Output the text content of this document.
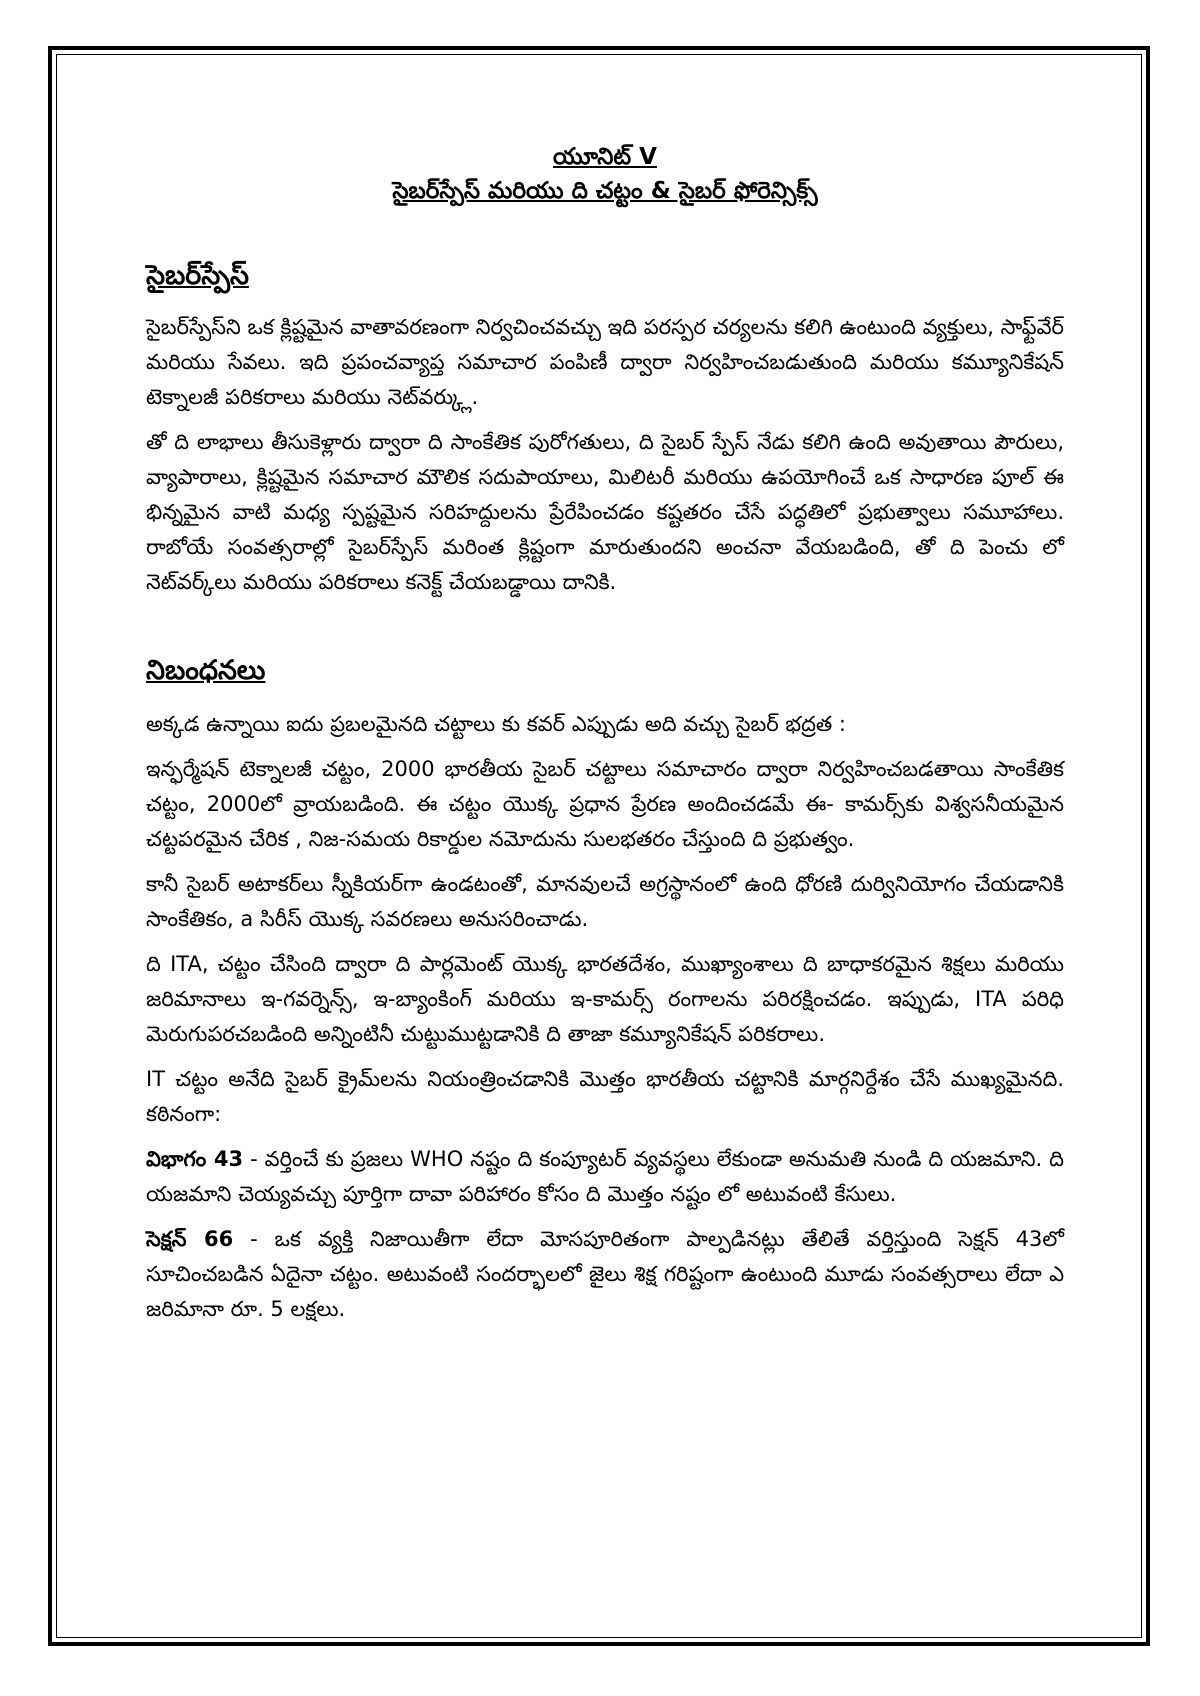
యూనిట్ V

సైబర్‌స్పేస్ మరియు ది చట్టం & సైబర్ ఫోరెన్సిక్స్

సైబర్‌స్పేస్

సైబర్‌స్పేస్‌ని ఒక క్లిష్టమైన వాతావరణంగా నిర్వచించవచ్చు ఇది పరస్పర చర్యలను కలిగి ఉంటుంది వ్యక్తులు, సాఫ్ట్‌వేర్ మరియు సేవలు. ఇది ప్రపంచవ్యాప్త సమాచార పంపిణీ ద్వారా నిర్వహించబడుతుంది మరియు కమ్యూనికేషన్ టెక్నాలజీ పరికరాలు మరియు నెట్‌వర్క్లు.

తో ది లాభాలు తీసుకెళ్లారు ద్వారా ది సాంకేతిక పురోగతులు, ది సైబర్ స్పేస్ నేడు కలిగి ఉంది అవుతాయి పౌరులు, వ్యాపారాలు, క్లిష్టమైన సమాచార మౌలిక సదుపాయాలు, మిలిటరీ మరియు ఉపయోగించే ఒక సాధారణ పూల్ ఈ భిన్నమైన వాటి మధ్య స్పష్టమైన సరిహద్దులను ప్రేరేపించడం కష్టతరం చేసే పద్ధతిలో ప్రభుత్వాలు సమూహాలు. రాబోయే సంవత్సరాల్లో సైబర్‌స్పేస్ మరింత క్లిష్టంగా మారుతుందని అంచనా వేయబడింది, తో ది పెంచు లో నెట్‌వర్క్‌లు మరియు పరికరాలు కనెక్ట్ చేయబడ్డాయి దానికి.

నిబంధనలు

అక్కడ ఉన్నాయి ఐదు ప్రబలమైనది చట్టాలు కు కవర్ ఎప్పుడు అది వచ్చు సైబర్ భద్రత :

ఇన్ఫర్మేషన్ టెక్నాలజీ చట్టం, 2000 భారతీయ సైబర్ చట్టాలు సమాచారం ద్వారా నిర్వహించబడతాయి సాంకేతిక చట్టం, 2000లో వ్రాయబడింది. ఈ చట్టం యొక్క ప్రధాన ప్రేరణ అందించడమే ఈ- కామర్స్‌కు విశ్వసనీయమైన చట్టపరమైన చేరిక , నిజ-సమయ రికార్డుల నమోదును సులభతరం చేస్తుంది ది ప్రభుత్వం.

కానీ సైబర్ అటాకర్‌లు స్నీకియర్‌గా ఉండటంతో, మానవులచే అగ్రస్థానంలో ఉంది ధోరణి దుర్వినియోగం చేయడానికి సాంకేతికం, a సిరీస్ యొక్క సవరణలు అనుసరించాడు.

ది ITA, చట్టం చేసింది ద్వారా ది పార్లమెంట్ యొక్క భారతదేశం, ముఖ్యాంశాలు ది బాధాకరమైన శిక్షలు మరియు జరిమానాలు ఇ-గవర్నెన్స్, ఇ-బ్యాంకింగ్ మరియు ఇ-కామర్స్ రంగాలను పరిరక్షించడం. ఇప్పుడు, ITA పరిధి మెరుగుపరచబడింది అన్నింటినీ చుట్టుముట్టడానికి ది తాజా కమ్యూనికేషన్ పరికరాలు.

IT చట్టం అనేది సైబర్ క్రైమ్‌లను నియంత్రించడానికి మొత్తం భారతీయ చట్టానికి మార్గనిర్దేశం చేసే ముఖ్యమైనది. కఠినంగా:

విభాగం 43 - వర్తించే కు ప్రజలు WHO నష్టం ది కంప్యూటర్ వ్యవస్థలు లేకుండా అనుమతి నుండి ది యజమాని. ది యజమాని చెయ్యవచ్చు పూర్తిగా దావా పరిహారం కోసం ది మొత్తం నష్టం లో అటువంటి కేసులు.

సెక్షన్ 66 - ఒక వ్యక్తి నిజాయితీగా లేదా మోసపూరితంగా పాల్పడినట్లు తేలితే వర్తిస్తుంది సెక్షన్ 43లో సూచించబడిన ఏదైనా చట్టం. అటువంటి సందర్భాలలో జైలు శిక్ష గరిష్టంగా ఉంటుంది మూడు సంవత్సరాలు లేదా ఎ జరిమానా రూ. 5 లక్షలు.
